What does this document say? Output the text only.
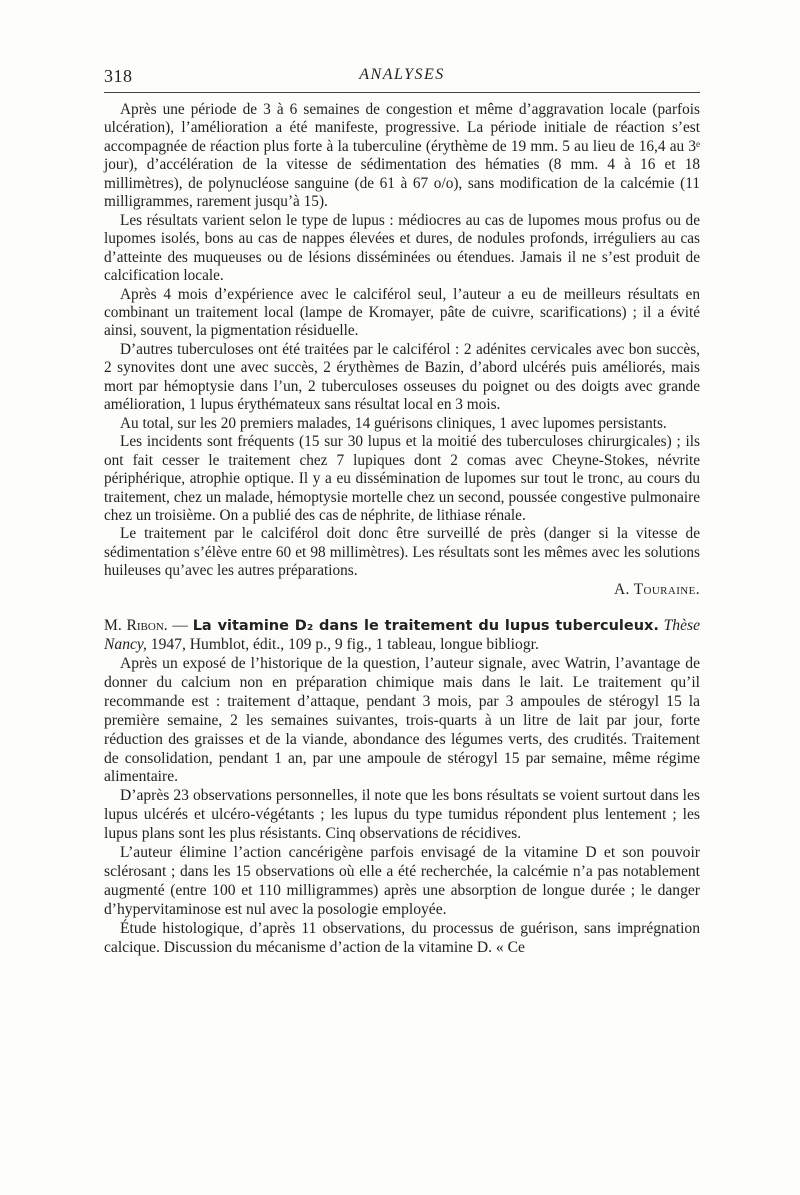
318	ANALYSES

Après une période de 3 à 6 semaines de congestion et même d’aggravation locale (parfois ulcération), l’amélioration a été manifeste, progressive. La période initiale de réaction s’est accompagnée de réaction plus forte à la tuberculine (érythème de 19 mm. 5 au lieu de 16,4 au 3ᵉ jour), d’accélération de la vitesse de sédimentation des hématies (8 mm. 4 à 16 et 18 millimètres), de polynucléose sanguine (de 61 à 67 o/o), sans modification de la calcémie (11 milligrammes, rarement jusqu’à 15).

Les résultats varient selon le type de lupus : médiocres au cas de lupomes mous profus ou de lupomes isolés, bons au cas de nappes élevées et dures, de nodules profonds, irréguliers au cas d’atteinte des muqueuses ou de lésions disséminées ou étendues. Jamais il ne s’est produit de calcification locale.

Après 4 mois d’expérience avec le calciférol seul, l’auteur a eu de meilleurs résultats en combinant un traitement local (lampe de Kromayer, pâte de cuivre, scarifications) ; il a évité ainsi, souvent, la pigmentation résiduelle.

D’autres tuberculoses ont été traitées par le calciférol : 2 adénites cervicales avec bon succès, 2 synovites dont une avec succès, 2 érythèmes de Bazin, d’abord ulcérés puis améliorés, mais mort par hémoptysie dans l’un, 2 tuberculoses osseuses du poignet ou des doigts avec grande amélioration, 1 lupus érythémateux sans résultat local en 3 mois.

Au total, sur les 20 premiers malades, 14 guérisons cliniques, 1 avec lupomes persistants.

Les incidents sont fréquents (15 sur 30 lupus et la moitié des tuberculoses chirurgicales) ; ils ont fait cesser le traitement chez 7 lupiques dont 2 comas avec Cheyne-Stokes, névrite périphérique, atrophie optique. Il y a eu dissémination de lupomes sur tout le tronc, au cours du traitement, chez un malade, hémoptysie mortelle chez un second, poussée congestive pulmonaire chez un troisième. On a publié des cas de néphrite, de lithiase rénale.

Le traitement par le calciférol doit donc être surveillé de près (danger si la vitesse de sédimentation s’élève entre 60 et 98 millimètres). Les résultats sont les mêmes avec les solutions huileuses qu’avec les autres préparations.

A. Touraine.

M. Ribon. — La vitamine D₂ dans le traitement du lupus tuberculeux. Thèse Nancy, 1947, Humblot, édit., 109 p., 9 fig., 1 tableau, longue bibliogr.

Après un exposé de l’historique de la question, l’auteur signale, avec Watrin, l’avantage de donner du calcium non en préparation chimique mais dans le lait. Le traitement qu’il recommande est : traitement d’attaque, pendant 3 mois, par 3 ampoules de stérogyl 15 la première semaine, 2 les semaines suivantes, trois-quarts à un litre de lait par jour, forte réduction des graisses et de la viande, abondance des légumes verts, des crudités. Traitement de consolidation, pendant 1 an, par une ampoule de stérogyl 15 par semaine, même régime alimentaire.

D’après 23 observations personnelles, il note que les bons résultats se voient surtout dans les lupus ulcérés et ulcéro-végétants ; les lupus du type tumidus répondent plus lentement ; les lupus plans sont les plus résistants. Cinq observations de récidives.

L’auteur élimine l’action cancérigène parfois envisagé de la vitamine D et son pouvoir sclérosant ; dans les 15 observations où elle a été recherchée, la calcémie n’a pas notablement augmenté (entre 100 et 110 milligrammes) après une absorption de longue durée ; le danger d’hypervitaminose est nul avec la posologie employée.

Étude histologique, d’après 11 observations, du processus de guérison, sans imprégnation calcique. Discussion du mécanisme d’action de la vitamine D. « Ce
